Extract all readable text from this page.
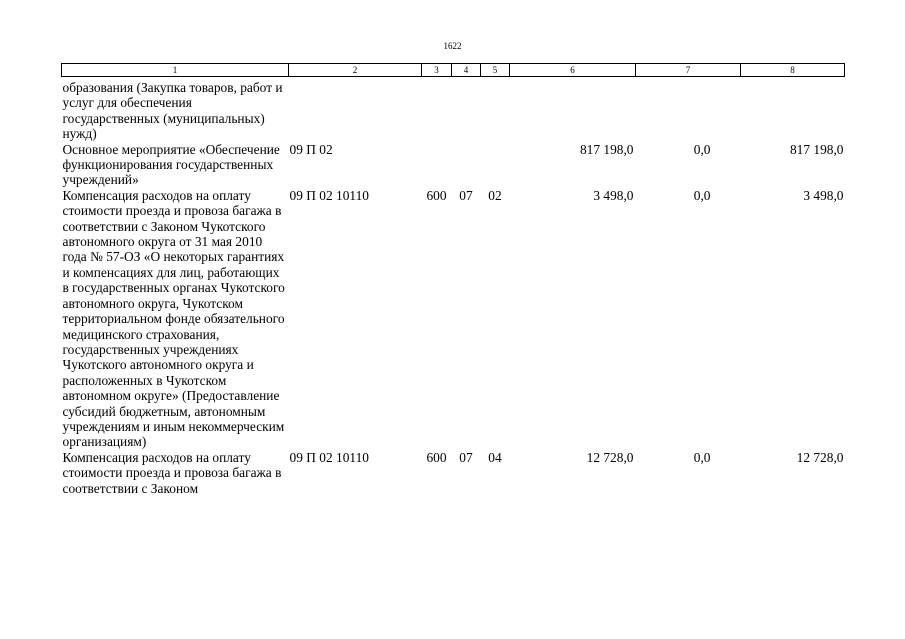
1622
1	2	3	4	5	6	7	8
образования (Закупка товаров, работ и услуг для обеспечения государственных (муниципальных) нужд)							
Основное мероприятие «Обеспечение функционирования государственных учреждений»	09 П 02				817 198,0	0,0	817 198,0
Компенсация расходов на оплату стоимости проезда и провоза багажа в соответствии с Законом Чукотского автономного округа от 31 мая 2010 года № 57-ОЗ «О некоторых гарантиях и компенсациях для лиц, работающих в государственных органах Чукотского автономного округа, Чукотском территориальном фонде обязательного медицинского страхования, государственных учреждениях Чукотского автономного округа и расположенных в Чукотском автономном округе» (Предоставление субсидий бюджетным, автономным учреждениям и иным некоммерческим организациям)	09 П 02 10110	600	07	02	3 498,0	0,0	3 498,0
Компенсация расходов на оплату стоимости проезда и провоза багажа в соответствии с Законом	09 П 02 10110	600	07	04	12 728,0	0,0	12 728,0
